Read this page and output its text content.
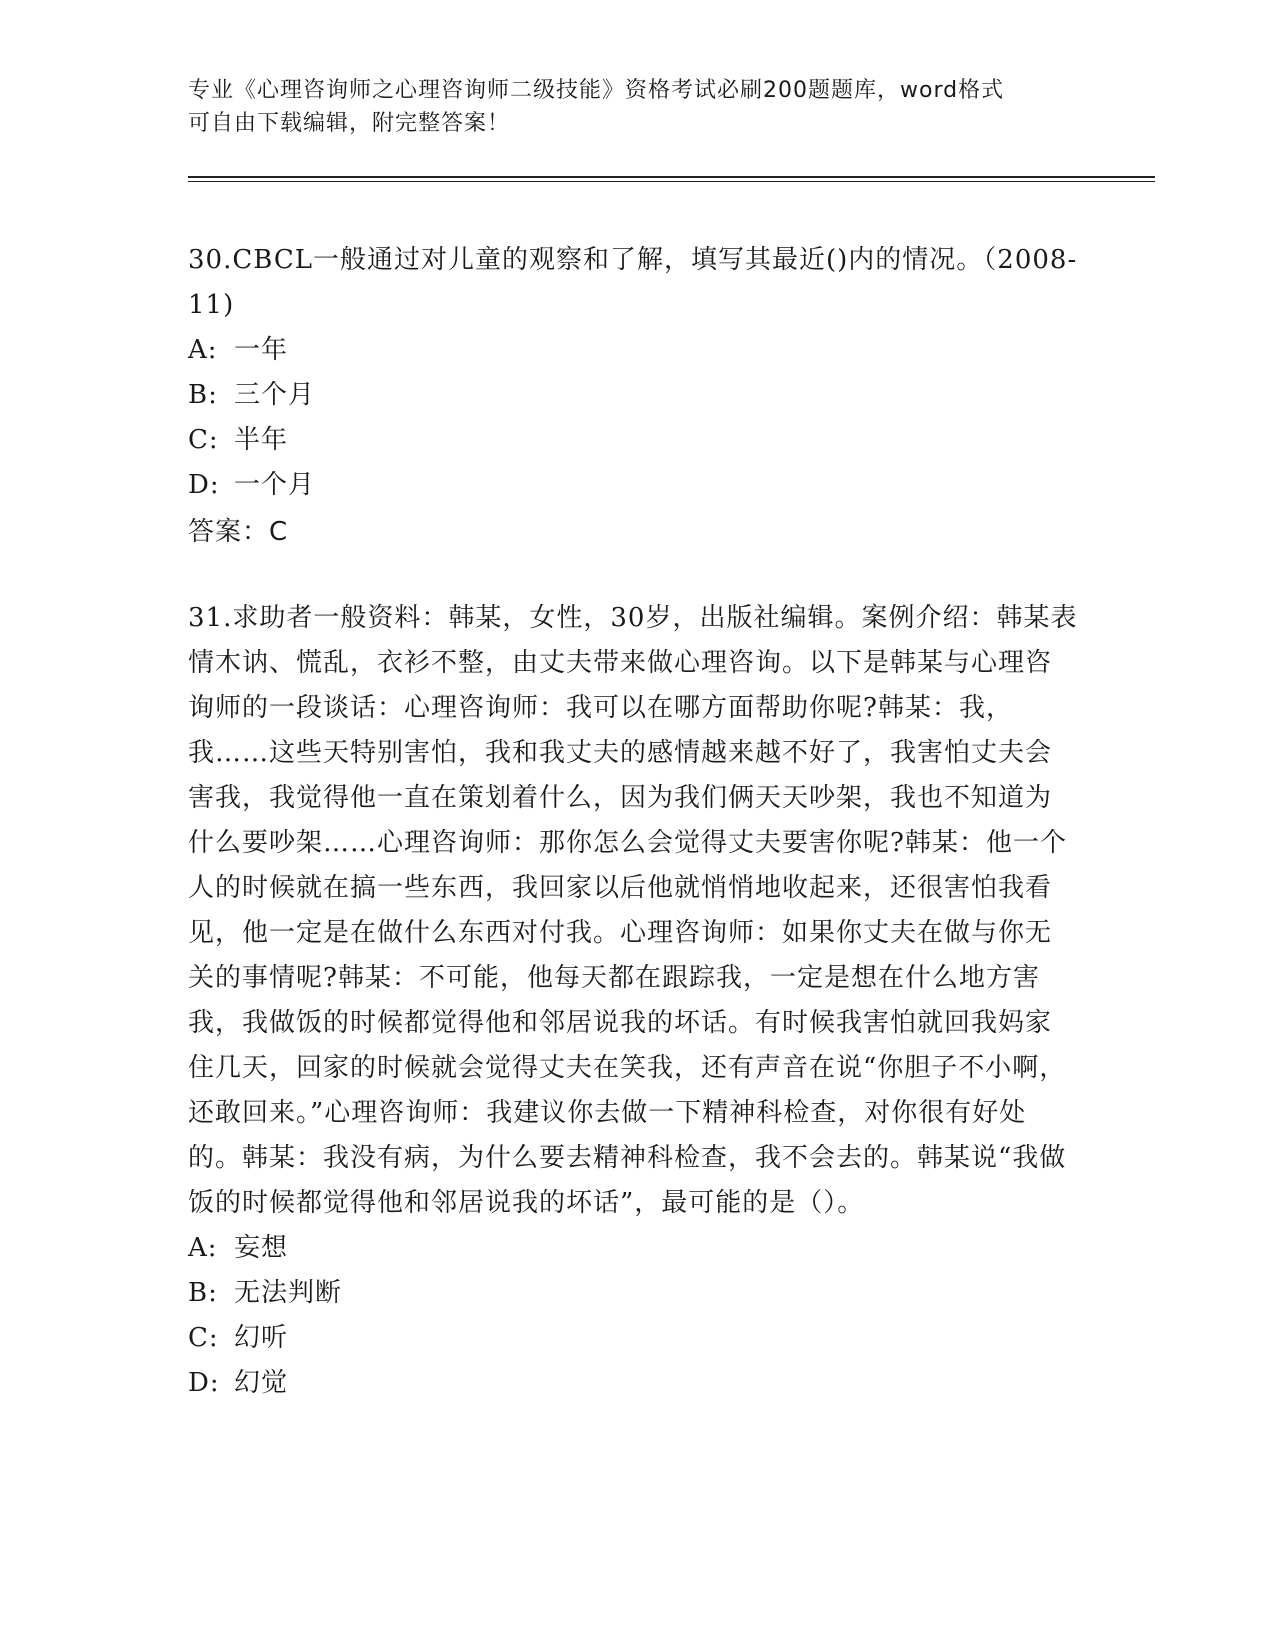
专业《心理咨询师之心理咨询师二级技能》资格考试必刷200题题库，word格式
可自由下载编辑，附完整答案！

30.CBCL一般通过对儿童的观察和了解，填写其最近()内的情况。（2008-11)

A: 一年
B: 三个月
C: 半年
D: 一个月
答案：C

31.求助者一般资料：韩某，女性，30岁，出版社编辑。案例介绍：韩某表情木讷、慌乱，衣衫不整，由丈夫带来做心理咨询。以下是韩某与心理咨询师的一段谈话：心理咨询师：我可以在哪方面帮助你呢?韩某：我，我……这些天特别害怕，我和我丈夫的感情越来越不好了，我害怕丈夫会害我，我觉得他一直在策划着什么，因为我们俩天天吵架，我也不知道为什么要吵架……心理咨询师：那你怎么会觉得丈夫要害你呢?韩某：他一个人的时候就在搞一些东西，我回家以后他就悄悄地收起来，还很害怕我看见，他一定是在做什么东西对付我。心理咨询师：如果你丈夫在做与你无关的事情呢?韩某：不可能，他每天都在跟踪我，一定是想在什么地方害我，我做饭的时候都觉得他和邻居说我的坏话。有时候我害怕就回我妈家住几天，回家的时候就会觉得丈夫在笑我，还有声音在说“你胆子不小啊，还敢回来。”心理咨询师：我建议你去做一下精神科检查，对你很有好处的。韩某：我没有病，为什么要去精神科检查，我不会去的。韩某说“我做饭的时候都觉得他和邻居说我的坏话”，最可能的是（）。

A: 妄想
B: 无法判断
C: 幻听
D: 幻觉
